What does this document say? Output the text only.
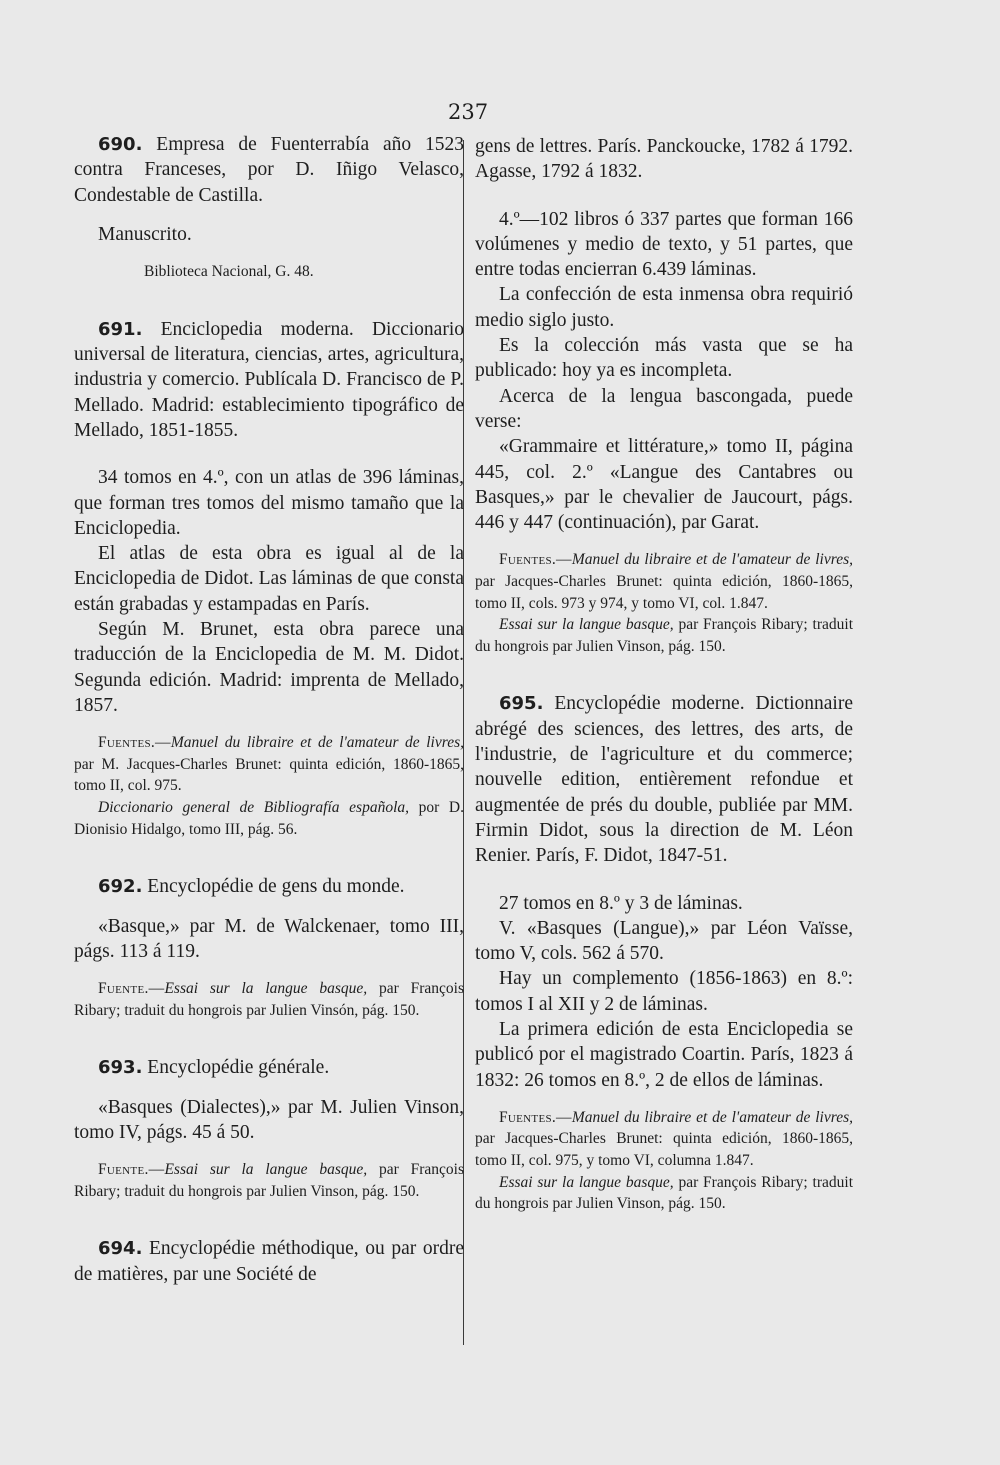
237

690. Empresa de Fuenterrabía año 1523 contra Franceses, por D. Iñigo Velasco, Condestable de Castilla.

Manuscrito.

Biblioteca Nacional, G. 48.

691. Enciclopedia moderna. Diccionario universal de literatura, ciencias, artes, agricultura, industria y comercio. Publícala D. Francisco de P. Mellado. Madrid: establecimiento tipográfico de Mellado, 1851-1855.

34 tomos en 4.º, con un atlas de 396 láminas, que forman tres tomos del mismo tamaño que la Enciclopedia.

El atlas de esta obra es igual al de la Enciclopedia de Didot. Las láminas de que consta están grabadas y estampadas en París.

Según M. Brunet, esta obra parece una traducción de la Enciclopedia de M. M. Didot. Segunda edición. Madrid: imprenta de Mellado, 1857.

Fuentes.—Manuel du libraire et de l'amateur de livres, par M. Jacques-Charles Brunet: quinta edición, 1860-1865, tomo II, col. 975.

Diccionario general de Bibliografía española, por D. Dionisio Hidalgo, tomo III, pág. 56.

692. Encyclopédie de gens du monde.

«Basque,» par M. de Walckenaer, tomo III, págs. 113 á 119.

Fuente.—Essai sur la langue basque, par François Ribary; traduit du hongrois par Julien Vinsón, pág. 150.

693. Encyclopédie générale.

«Basques (Dialectes),» par M. Julien Vinson, tomo IV, págs. 45 á 50.

Fuente.—Essai sur la langue basque, par François Ribary; traduit du hongrois par Julien Vinson, pág. 150.

694. Encyclopédie méthodique, ou par ordre de matières, par une Société de

gens de lettres. París. Panckoucke, 1782 á 1792. Agasse, 1792 á 1832.

4.º—102 libros ó 337 partes que forman 166 volúmenes y medio de texto, y 51 partes, que entre todas encierran 6.439 láminas.

La confección de esta inmensa obra requirió medio siglo justo.

Es la colección más vasta que se ha publicado: hoy ya es incompleta.

Acerca de la lengua bascongada, puede verse:

«Grammaire et littérature,» tomo II, página 445, col. 2.º «Langue des Cantabres ou Basques,» par le chevalier de Jaucourt, págs. 446 y 447 (continuación), par Garat.

Fuentes.—Manuel du libraire et de l'amateur de livres, par Jacques-Charles Brunet: quinta edición, 1860-1865, tomo II, cols. 973 y 974, y tomo VI, col. 1.847.

Essai sur la langue basque, par François Ribary; traduit du hongrois par Julien Vinson, pág. 150.

695. Encyclopédie moderne. Dictionnaire abrégé des sciences, des lettres, des arts, de l'industrie, de l'agriculture et du commerce; nouvelle edition, entièrement refondue et augmentée de prés du double, publiée par MM. Firmin Didot, sous la direction de M. Léon Renier. París, F. Didot, 1847-51.

27 tomos en 8.º y 3 de láminas.

V. «Basques (Langue),» par Léon Vaïsse, tomo V, cols. 562 á 570.

Hay un complemento (1856-1863) en 8.º: tomos I al XII y 2 de láminas.

La primera edición de esta Enciclopedia se publicó por el magistrado Coartin. París, 1823 á 1832: 26 tomos en 8.º, 2 de ellos de láminas.

Fuentes.—Manuel du libraire et de l'amateur de livres, par Jacques-Charles Brunet: quinta edición, 1860-1865, tomo II, col. 975, y tomo VI, columna 1.847.

Essai sur la langue basque, par François Ribary; traduit du hongrois par Julien Vinson, pág. 150.
